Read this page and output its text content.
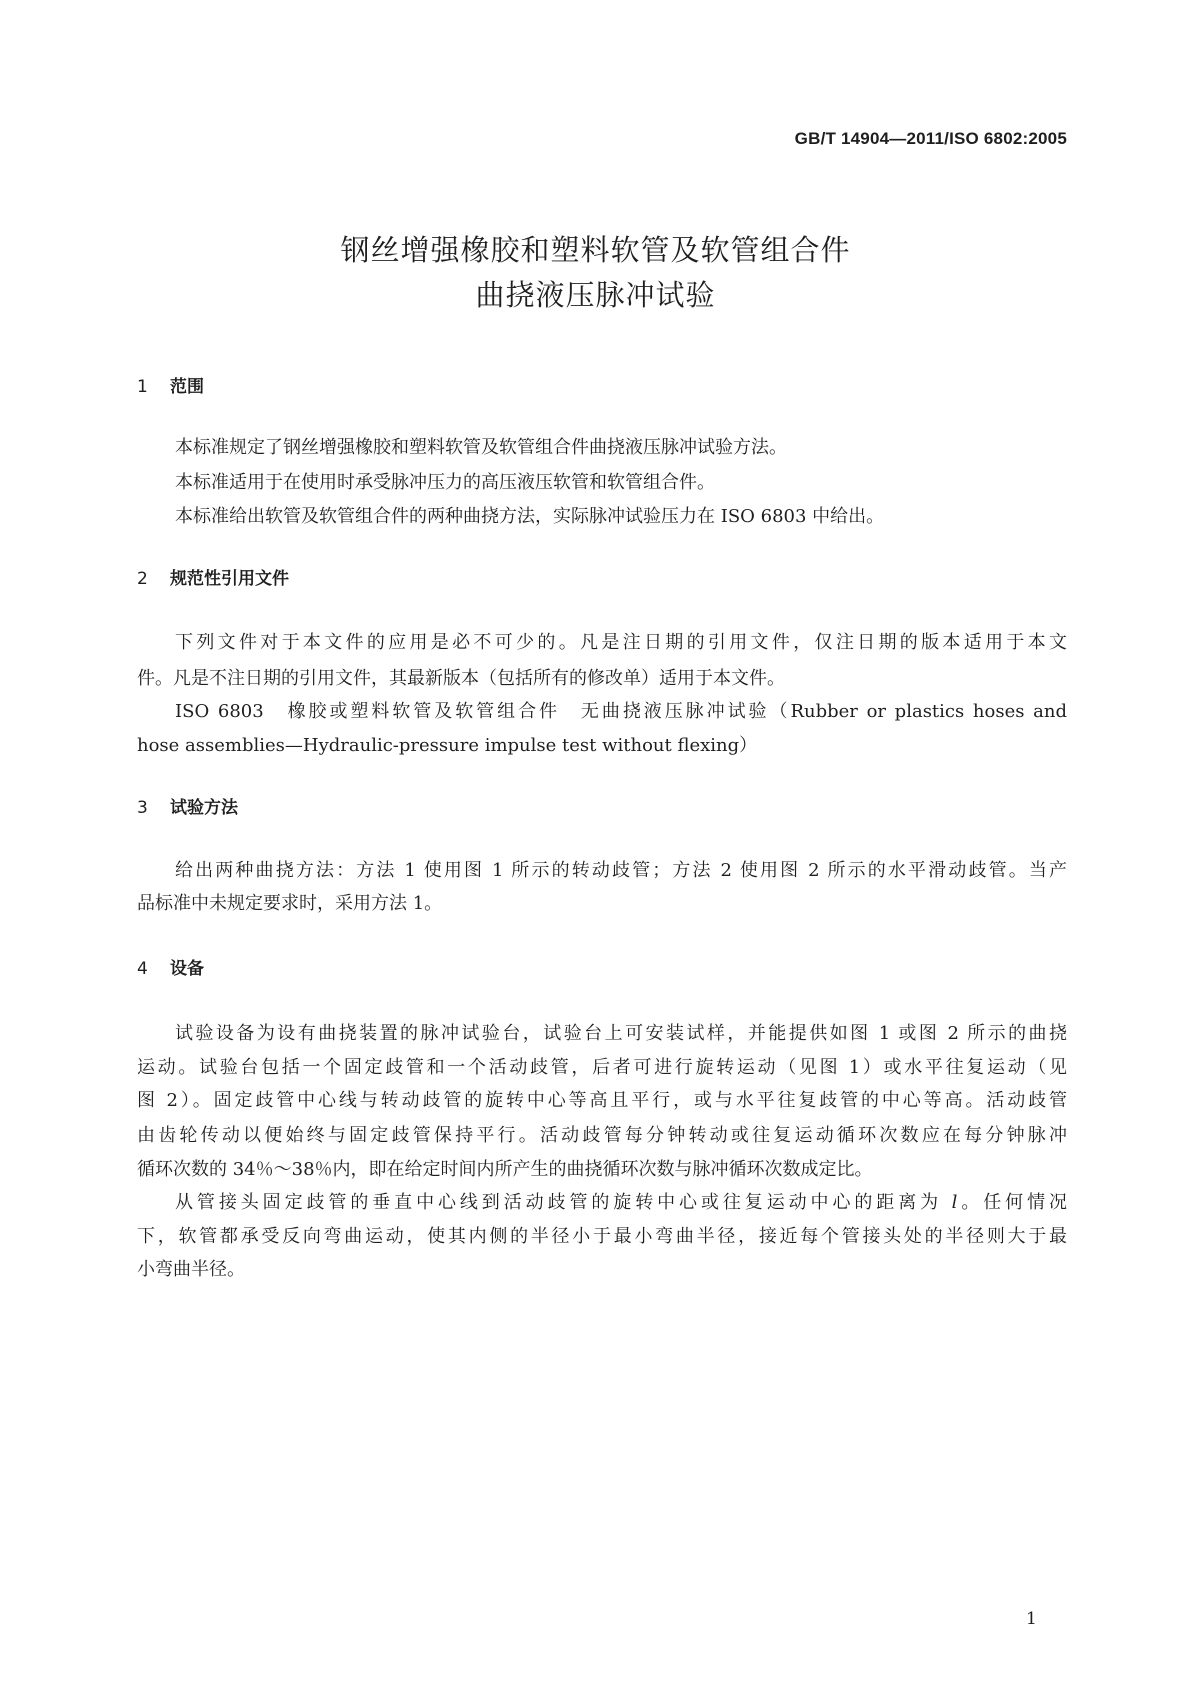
GB/T 14904—2011/ISO 6802:2005
钢丝增强橡胶和塑料软管及软管组合件
曲挠液压脉冲试验
1 范围
本标准规定了钢丝增强橡胶和塑料软管及软管组合件曲挠液压脉冲试验方法。
本标准适用于在使用时承受脉冲压力的高压液压软管和软管组合件。
本标准给出软管及软管组合件的两种曲挠方法，实际脉冲试验压力在 ISO 6803 中给出。
2 规范性引用文件
下列文件对于本文件的应用是必不可少的。凡是注日期的引用文件，仅注日期的版本适用于本文
件。凡是不注日期的引用文件，其最新版本（包括所有的修改单）适用于本文件。
ISO 6803　橡胶或塑料软管及软管组合件　无曲挠液压脉冲试验（Rubber or plastics hoses and
hose assemblies—Hydraulic-pressure impulse test without flexing）
3 试验方法
给出两种曲挠方法：方法 1 使用图 1 所示的转动歧管；方法 2 使用图 2 所示的水平滑动歧管。当产
品标准中未规定要求时，采用方法 1。
4 设备
试验设备为设有曲挠装置的脉冲试验台，试验台上可安装试样，并能提供如图 1 或图 2 所示的曲挠
运动。试验台包括一个固定歧管和一个活动歧管，后者可进行旋转运动（见图 1）或水平往复运动（见
图 2）。固定歧管中心线与转动歧管的旋转中心等高且平行，或与水平往复歧管的中心等高。活动歧管
由齿轮传动以便始终与固定歧管保持平行。活动歧管每分钟转动或往复运动循环次数应在每分钟脉冲
循环次数的 34％～38％内，即在给定时间内所产生的曲挠循环次数与脉冲循环次数成定比。
从管接头固定歧管的垂直中心线到活动歧管的旋转中心或往复运动中心的距离为 l。任何情况
下，软管都承受反向弯曲运动，使其内侧的半径小于最小弯曲半径，接近每个管接头处的半径则大于最
小弯曲半径。
1
